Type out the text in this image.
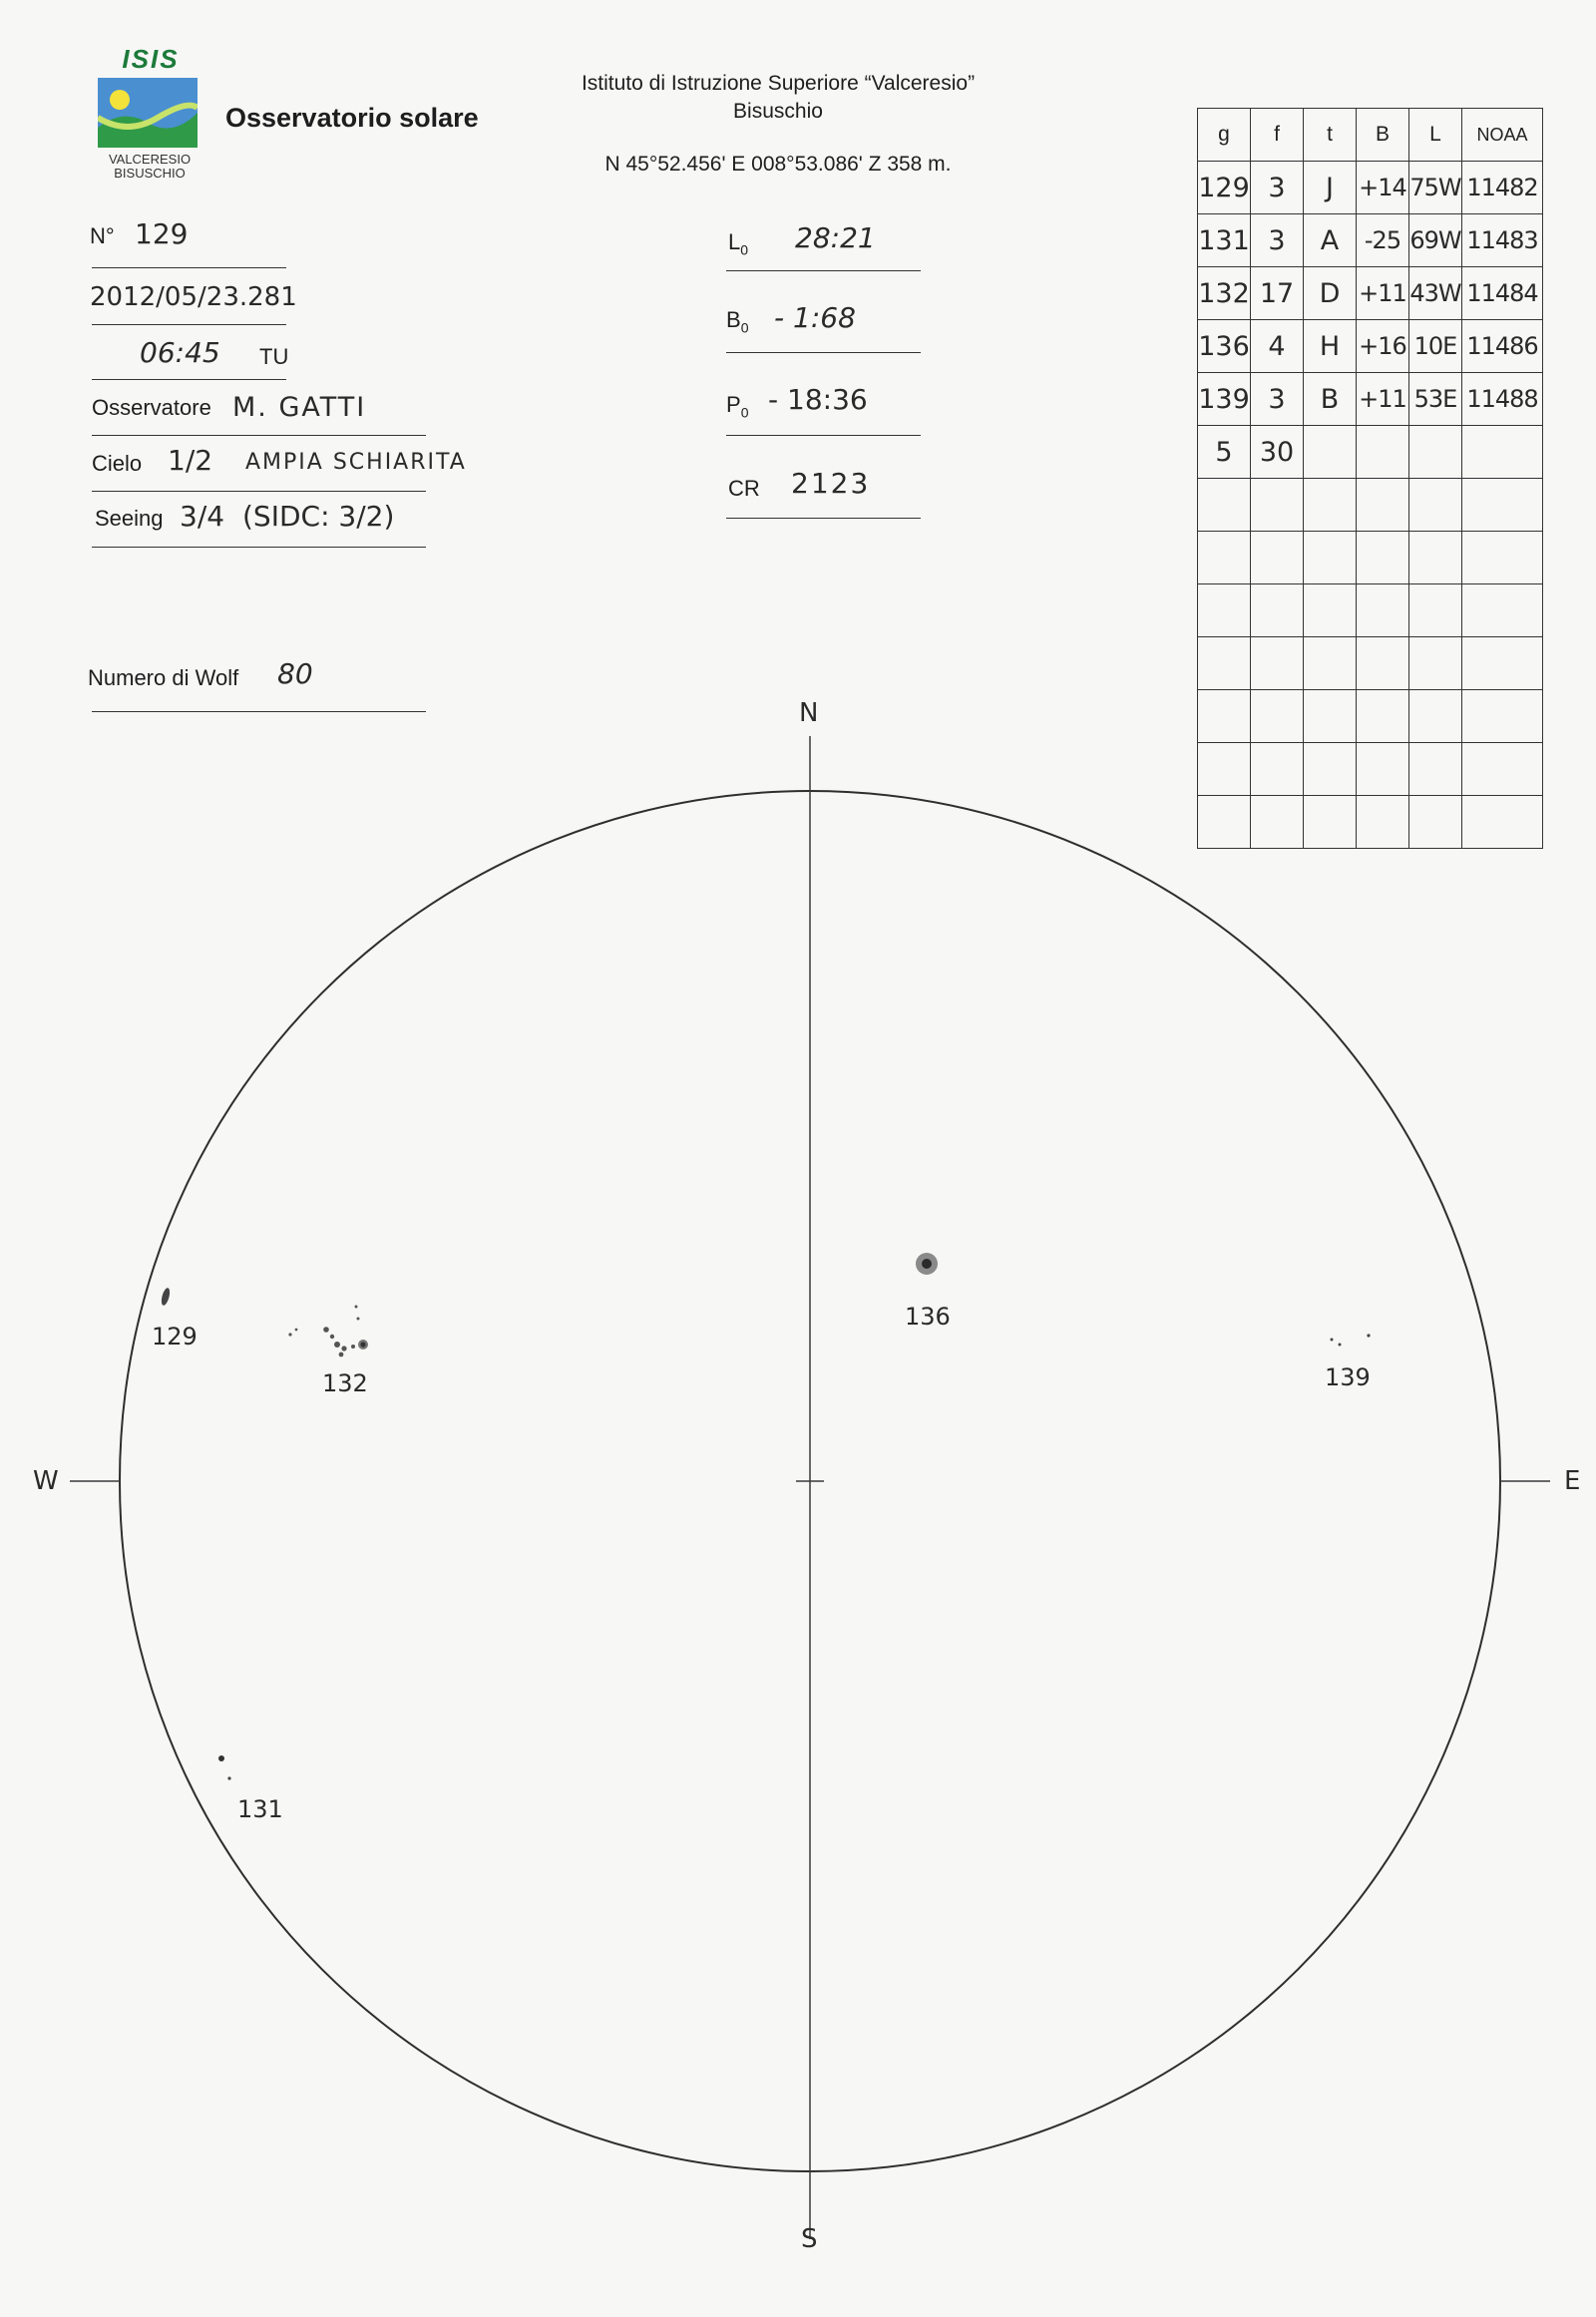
ISIS
VALCERESIO
BISUSCHIO
Osservatorio solare
Istituto di Istruzione Superiore “Valceresio”
Bisuschio
N 45°52.456' E 008°53.086' Z 358 m.
N° 129
2012/05/23.281
06:45 TU
Osservatore M. GATTI
Cielo 1/2 AMPIA SCHIARITA
Seeing 3/4 (SIDC: 3/2)
Numero di Wolf 80
$L_0$ 28:21
$B_0$ - 1:68
$P_0$ - 18:36
CR 2123
g	f	t	B	L	NOAA
129	3	J	+14	75W	11482
131	3	A	-25	69W	11483
132	17	D	+11	43W	11484
136	4	H	+16	10E	11486
139	3	B	+11	53E	11488
5	30				

N
S
E
W
129
131
132
136
139
